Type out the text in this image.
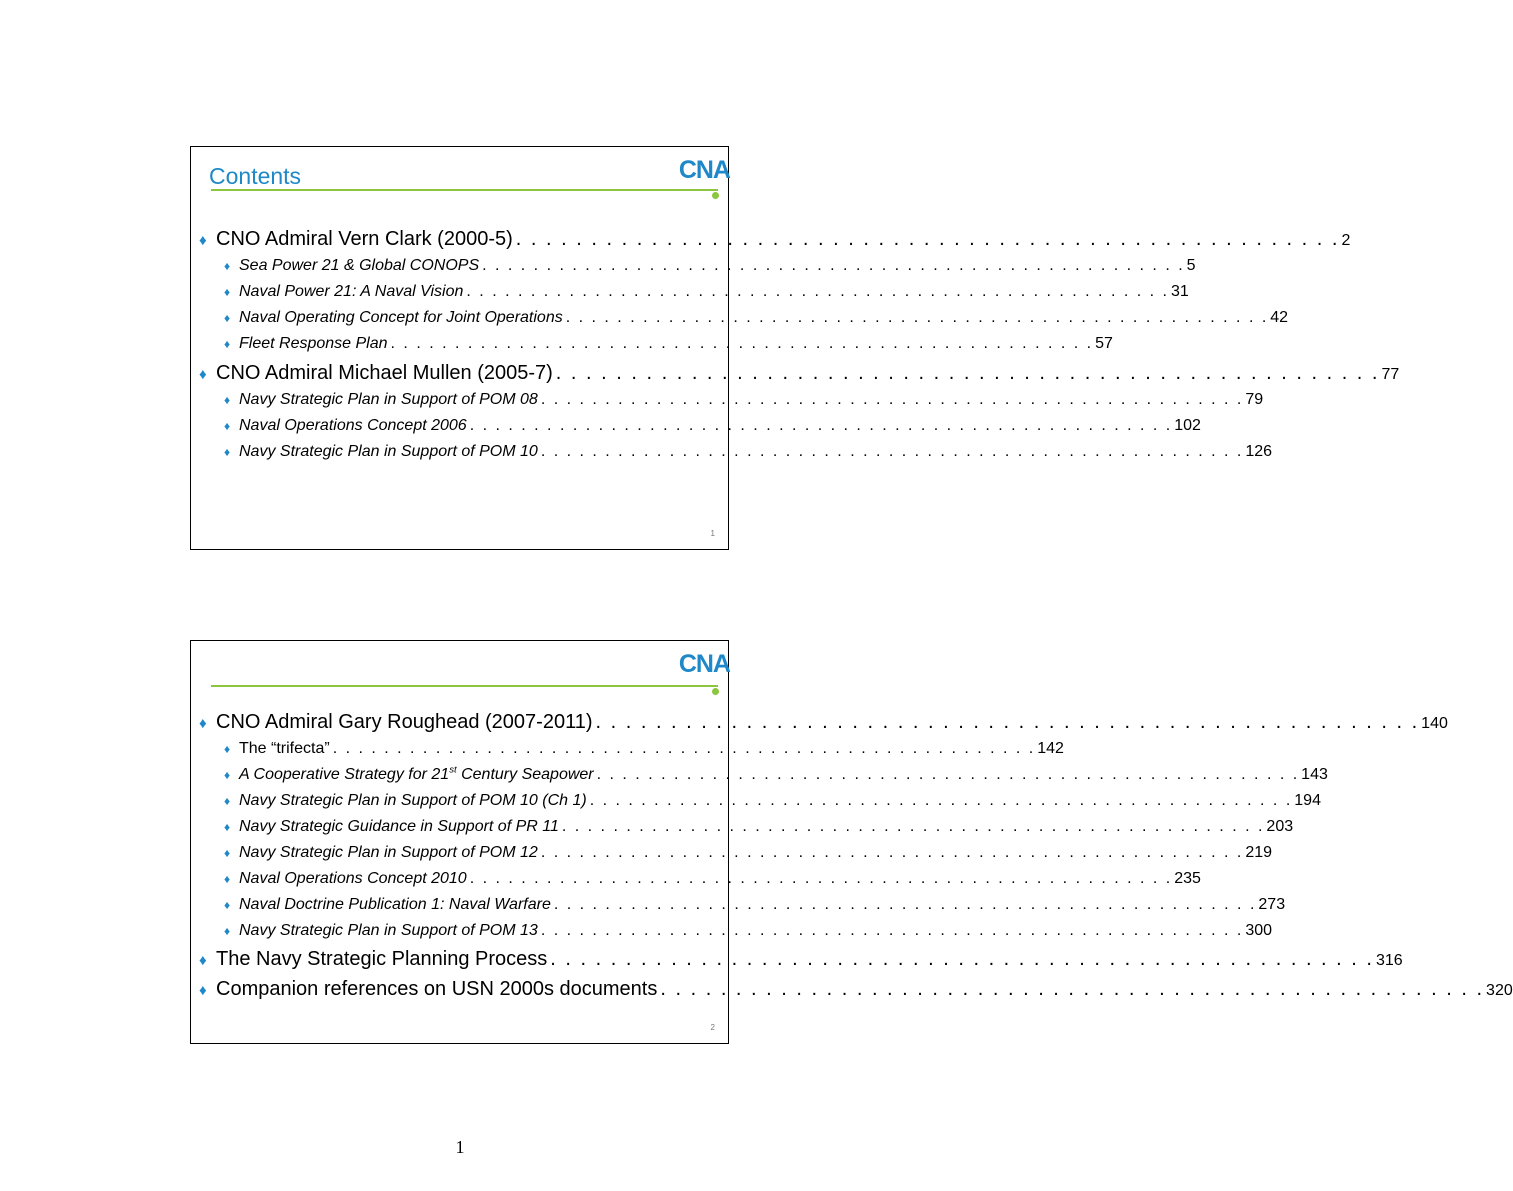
Contents	CNA
♦ CNO Admiral Vern Clark (2000-5) . . . . . . . . . . . . . . . . . . . . . . . . . . . . . . . . . . . . . . . . . . . . . . . . . . . . . . . 2
♦ Sea Power 21 & Global CONOPS . . . . . . . . . . . . . . . . . . . . . . . . . . . . . . . . . . . . . . . . . . . . . . . . . . . . . . . 5
♦ Naval Power 21: A Naval Vision . . . . . . . . . . . . . . . . . . . . . . . . . . . . . . . . . . . . . . . . . . . . . . . . . . . . . . . 31
♦ Naval Operating Concept for Joint Operations . . . . . . . . . . . . . . . . . . . . . . . . . . . . . . . . . . . . . . . . . . . . . . . . . . . . . . . 42
♦ Fleet Response Plan . . . . . . . . . . . . . . . . . . . . . . . . . . . . . . . . . . . . . . . . . . . . . . . . . . . . . . . 57
♦ CNO Admiral Michael Mullen (2005-7) . . . . . . . . . . . . . . . . . . . . . . . . . . . . . . . . . . . . . . . . . . . . . . . . . . . . . . . 77
♦ Navy Strategic Plan in Support of POM 08 . . . . . . . . . . . . . . . . . . . . . . . . . . . . . . . . . . . . . . . . . . . . . . . . . . . . . . . 79
♦ Naval Operations Concept 2006 . . . . . . . . . . . . . . . . . . . . . . . . . . . . . . . . . . . . . . . . . . . . . . . . . . . . . . . 102
♦ Navy Strategic Plan in Support of POM 10 . . . . . . . . . . . . . . . . . . . . . . . . . . . . . . . . . . . . . . . . . . . . . . . . . . . . . . . 126
1
CNA
♦ CNO Admiral Gary Roughead (2007-2011) . . . . . . . . . . . . . . . . . . . . . . . . . . . . . . . . . . . . . . . . . . . . . . . . . . . . . . . 140
♦ The “trifecta” . . . . . . . . . . . . . . . . . . . . . . . . . . . . . . . . . . . . . . . . . . . . . . . . . . . . . . . 142
♦ A Cooperative Strategy for 21st Century Seapower . . . . . . . . . . . . . . . . . . . . . . . . . . . . . . . . . . . . . . . . . . . . . . . . . . . . . . . 143
♦ Navy Strategic Plan in Support of POM 10 (Ch 1) . . . . . . . . . . . . . . . . . . . . . . . . . . . . . . . . . . . . . . . . . . . . . . . . . . . . . . . 194
♦ Navy Strategic Guidance in Support of PR 11 . . . . . . . . . . . . . . . . . . . . . . . . . . . . . . . . . . . . . . . . . . . . . . . . . . . . . . . 203
♦ Navy Strategic Plan in Support of POM 12 . . . . . . . . . . . . . . . . . . . . . . . . . . . . . . . . . . . . . . . . . . . . . . . . . . . . . . . 219
♦ Naval Operations Concept 2010 . . . . . . . . . . . . . . . . . . . . . . . . . . . . . . . . . . . . . . . . . . . . . . . . . . . . . . . 235
♦ Naval Doctrine Publication 1: Naval Warfare . . . . . . . . . . . . . . . . . . . . . . . . . . . . . . . . . . . . . . . . . . . . . . . . . . . . . . . 273
♦ Navy Strategic Plan in Support of POM 13 . . . . . . . . . . . . . . . . . . . . . . . . . . . . . . . . . . . . . . . . . . . . . . . . . . . . . . . 300
♦ The Navy Strategic Planning Process . . . . . . . . . . . . . . . . . . . . . . . . . . . . . . . . . . . . . . . . . . . . . . . . . . . . . . . 316
♦ Companion references on USN 2000s documents . . . . . . . . . . . . . . . . . . . . . . . . . . . . . . . . . . . . . . . . . . . . . . . . . . . . . . . 320
2
1
